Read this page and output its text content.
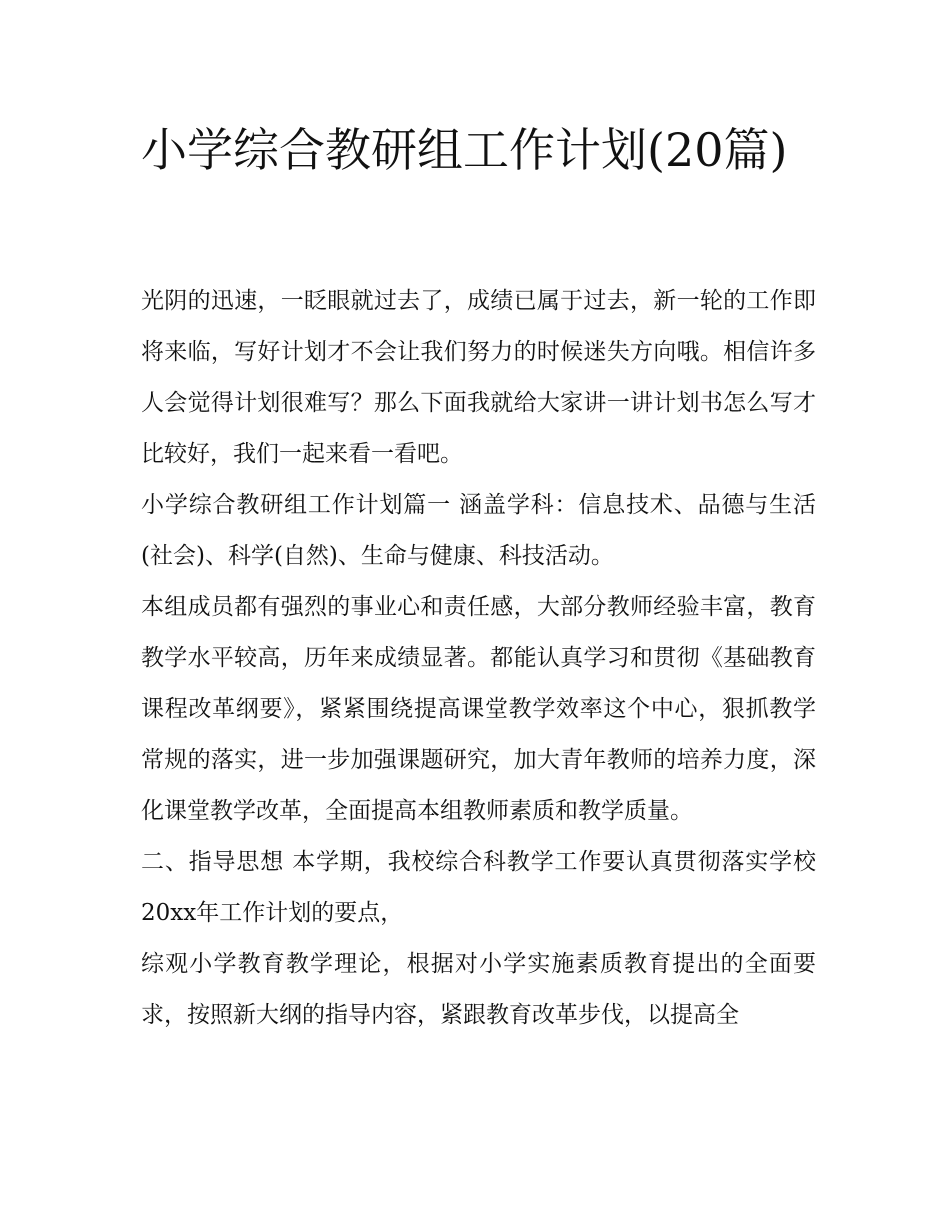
小学综合教研组工作计划(20篇)

光阴的迅速，一眨眼就过去了，成绩已属于过去，新一轮的工作即将来临，写好计划才不会让我们努力的时候迷失方向哦。相信许多人会觉得计划很难写？那么下面我就给大家讲一讲计划书怎么写才比较好，我们一起来看一看吧。

小学综合教研组工作计划篇一 涵盖学科：信息技术、品德与生活(社会)、科学(自然)、生命与健康、科技活动。

本组成员都有强烈的事业心和责任感，大部分教师经验丰富，教育教学水平较高，历年来成绩显著。都能认真学习和贯彻《基础教育课程改革纲要》，紧紧围绕提高课堂教学效率这个中心，狠抓教学常规的落实，进一步加强课题研究，加大青年教师的培养力度，深化课堂教学改革，全面提高本组教师素质和教学质量。

二、指导思想 本学期，我校综合科教学工作要认真贯彻落实学校20xx年工作计划的要点，

综观小学教育教学理论，根据对小学实施素质教育提出的全面要求，按照新大纲的指导内容，紧跟教育改革步伐，以提高全
